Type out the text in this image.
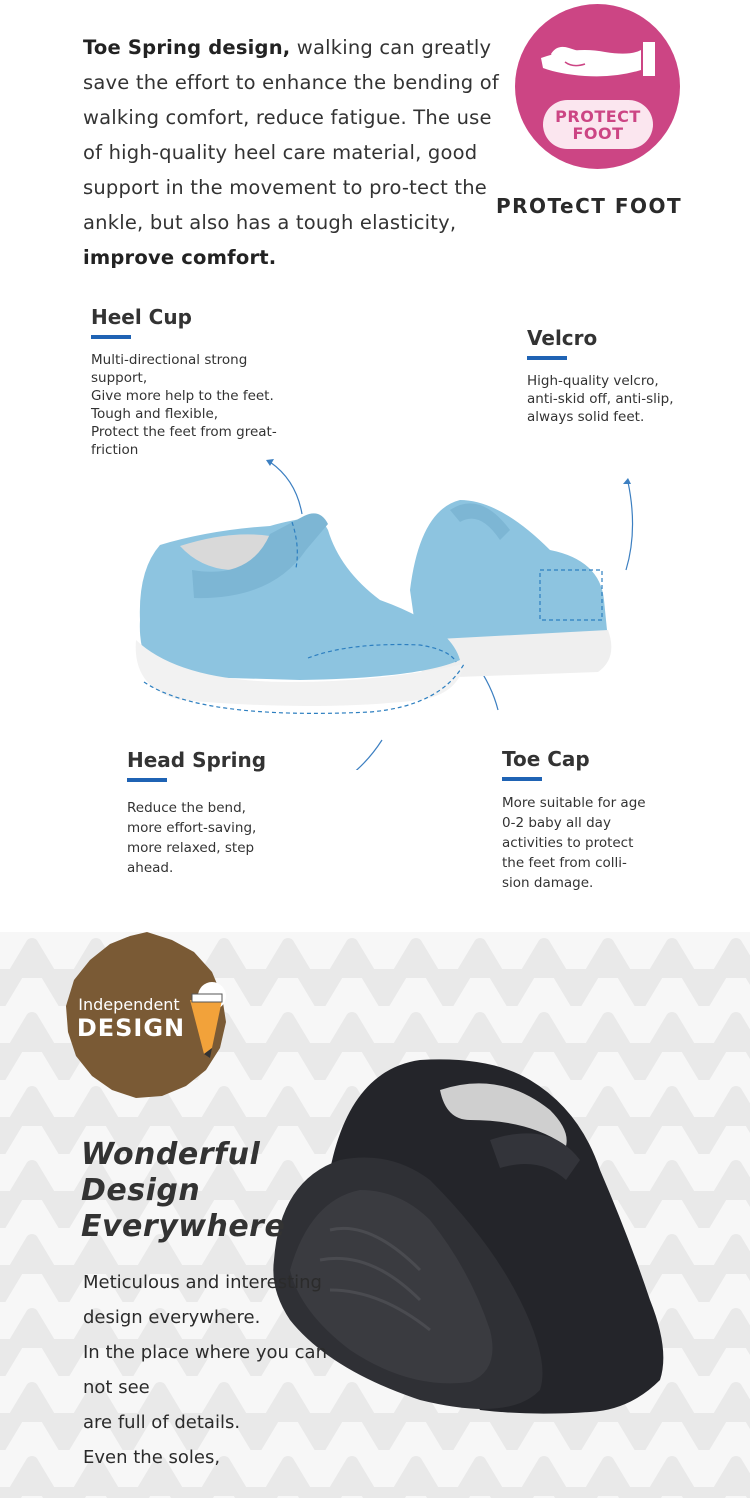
Toe Spring design, walking can greatly save the effort to enhance the bending of walking comfort, reduce fatigue. The use of high-quality heel care material, good support in the movement to pro-tect the ankle, but also has a tough elasticity, improve comfort.
PROTECT
FOOT
PROTeCT FOOT
Heel Cup
Multi-directional strong
support,
Give more help to the feet.
Tough and flexible,
Protect the feet from great-
friction
Velcro
High-quality velcro,
anti-skid off, anti-slip,
always solid feet.
Head Spring
Reduce the bend,
more effort-saving,
more relaxed, step
ahead.
Toe Cap
More suitable for age
0-2 baby all day
activities to protect
the feet from colli-
sion damage.
Independent
DESIGN
Wonderful
Design
Everywhere
Meticulous and interesting
design everywhere.
In the place where you can
not see
are full of details.
Even the soles,
